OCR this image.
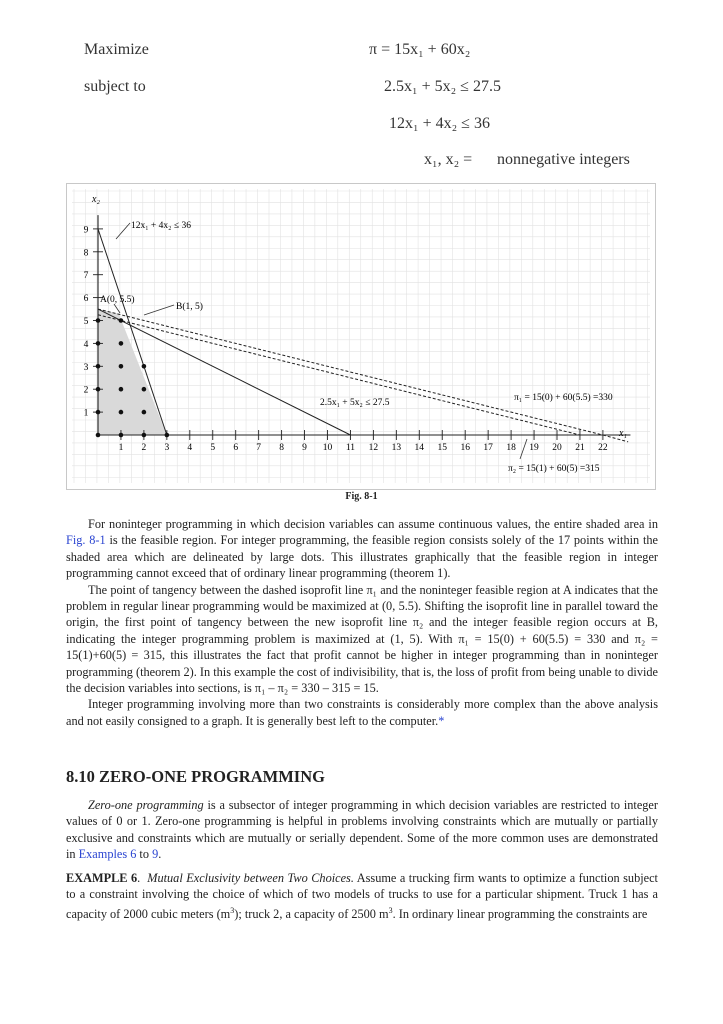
Maximize
subject to
π = 15x₁ + 60x₂
2.5x₁ + 5x₂ ≤ 27.5
12x₁ + 4x₂ ≤ 36
x₁, x₂ = nonnegative integers
1 2 3 4 5 6 7 8 9 10 11 12 13 14 15 16 17 18 19 20 21 22
1
2
3
4
5
6
7
8
9
x₂
x₁
12x₁ + 4x₂ ≤ 36
2.5x₁ + 5x₂ ≤ 27.5
A(0, 5.5)
B(1, 5)
π₁ = 15(0) + 60(5.5) =330
π₂ = 15(1) + 60(5) =315
Fig. 8-1

For noninteger programming in which decision variables can assume continuous values, the entire shaded area in Fig. 8-1 is the feasible region. For integer programming, the feasible region consists solely of the 17 points within the shaded area which are delineated by large dots. This illustrates graphically that the feasible region in integer programming cannot exceed that of ordinary linear programming (theorem 1).

The point of tangency between the dashed isoprofit line π₁ and the noninteger feasible region at A indicates that the problem in regular linear programming would be maximized at (0, 5.5). Shifting the isoprofit line in parallel toward the origin, the first point of tangency between the new isoprofit line π₂ and the integer feasible region occurs at B, indicating the integer programming problem is maximized at (1, 5). With π₁ = 15(0) + 60(5.5) = 330 and π₂ = 15(1)+60(5) = 315, this illustrates the fact that profit cannot be higher in integer programming than in noninteger programming (theorem 2). In this example the cost of indivisibility, that is, the loss of profit from being unable to divide the decision variables into sections, is π₁ – π₂ = 330 – 315 = 15.

Integer programming involving more than two constraints is considerably more complex than the above analysis and not easily consigned to a graph. It is generally best left to the computer.*

8.10 ZERO-ONE PROGRAMMING

Zero-one programming is a subsector of integer programming in which decision variables are restricted to integer values of 0 or 1. Zero-one programming is helpful in problems involving constraints which are mutually or partially exclusive and constraints which are mutually or serially dependent. Some of the more common uses are demonstrated in Examples 6 to 9.

EXAMPLE 6.  Mutual Exclusivity between Two Choices. Assume a trucking firm wants to optimize a function subject to a constraint involving the choice of which of two models of trucks to use for a particular shipment. Truck 1 has a capacity of 2000 cubic meters $(m^3)$; truck 2, a capacity of 2500 $m^3$. In ordinary linear programming the constraints are
